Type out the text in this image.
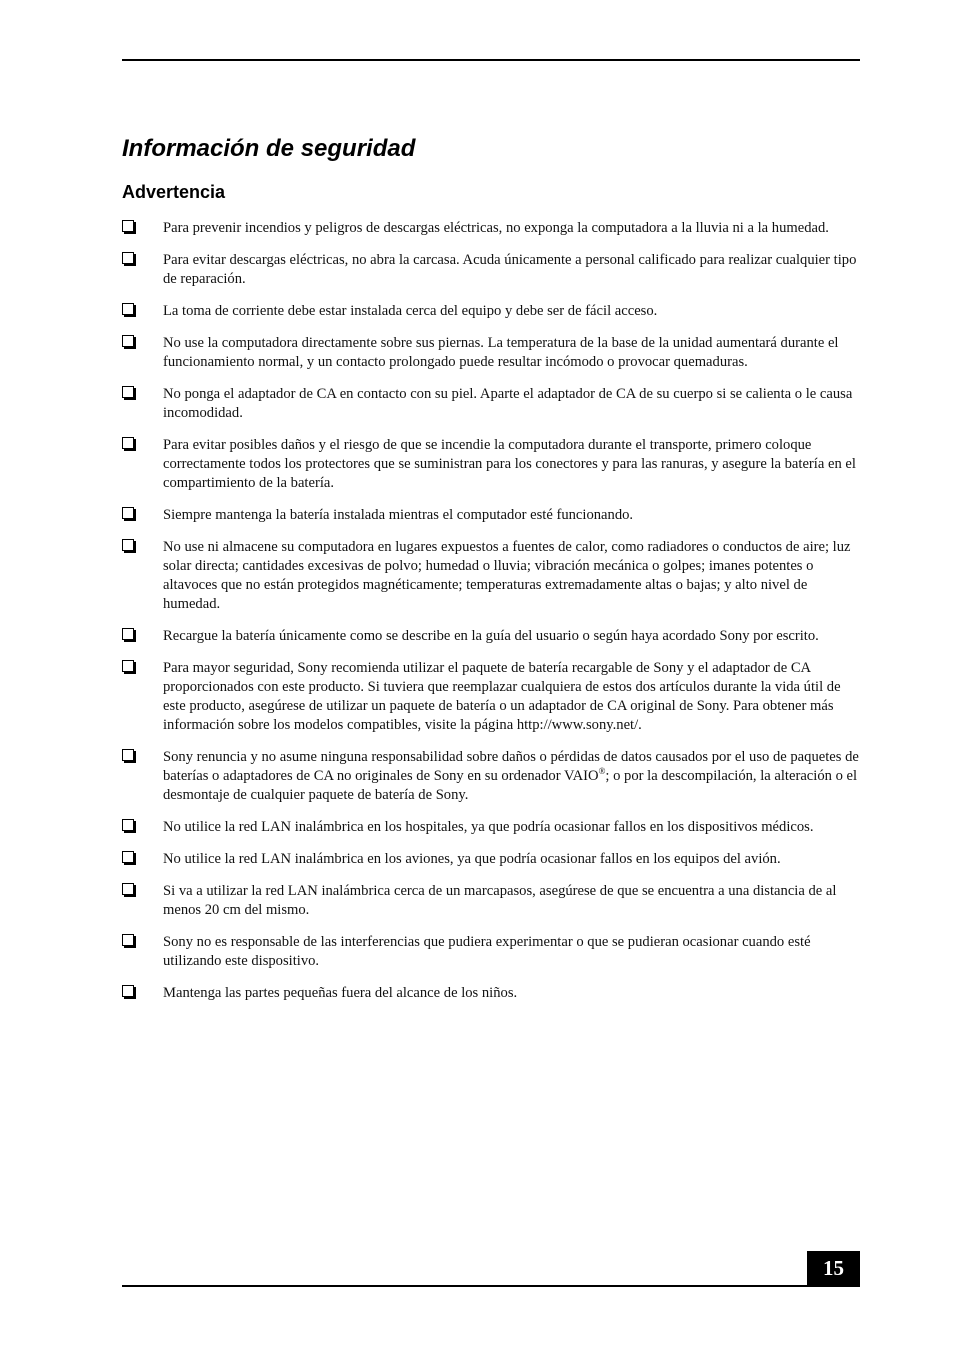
Información de seguridad
Advertencia
Para prevenir incendios y peligros de descargas eléctricas, no exponga la computadora a la lluvia ni a la humedad.
Para evitar descargas eléctricas, no abra la carcasa. Acuda únicamente a personal calificado para realizar cualquier tipo de reparación.
La toma de corriente debe estar instalada cerca del equipo y debe ser de fácil acceso.
No use la computadora directamente sobre sus piernas. La temperatura de la base de la unidad aumentará durante el funcionamiento normal, y un contacto prolongado puede resultar incómodo o provocar quemaduras.
No ponga el adaptador de CA en contacto con su piel. Aparte el adaptador de CA de su cuerpo si se calienta o le causa incomodidad.
Para evitar posibles daños y el riesgo de que se incendie la computadora durante el transporte, primero coloque correctamente todos los protectores que se suministran para los conectores y para las ranuras, y asegure la batería en el compartimiento de la batería.
Siempre mantenga la batería instalada mientras el computador esté funcionando.
No use ni almacene su computadora en lugares expuestos a fuentes de calor, como radiadores o conductos de aire; luz solar directa; cantidades excesivas de polvo; humedad o lluvia; vibración mecánica o golpes; imanes potentes o altavoces que no están protegidos magnéticamente; temperaturas extremadamente altas o bajas; y alto nivel de humedad.
Recargue la batería únicamente como se describe en la guía del usuario o según haya acordado Sony por escrito.
Para mayor seguridad, Sony recomienda utilizar el paquete de batería recargable de Sony y el adaptador de CA proporcionados con este producto. Si tuviera que reemplazar cualquiera de estos dos artículos durante la vida útil de este producto, asegúrese de utilizar un paquete de batería o un adaptador de CA original de Sony. Para obtener más información sobre los modelos compatibles, visite la página http://www.sony.net/.
Sony renuncia y no asume ninguna responsabilidad sobre daños o pérdidas de datos causados por el uso de paquetes de baterías o adaptadores de CA no originales de Sony en su ordenador VAIO®; o por la descompilación, la alteración o el desmontaje de cualquier paquete de batería de Sony.
No utilice la red LAN inalámbrica en los hospitales, ya que podría ocasionar fallos en los dispositivos médicos.
No utilice la red LAN inalámbrica en los aviones, ya que podría ocasionar fallos en los equipos del avión.
Si va a utilizar la red LAN inalámbrica cerca de un marcapasos, asegúrese de que se encuentra a una distancia de al menos 20 cm del mismo.
Sony no es responsable de las interferencias que pudiera experimentar o que se pudieran ocasionar cuando esté utilizando este dispositivo.
Mantenga las partes pequeñas fuera del alcance de los niños.
15
